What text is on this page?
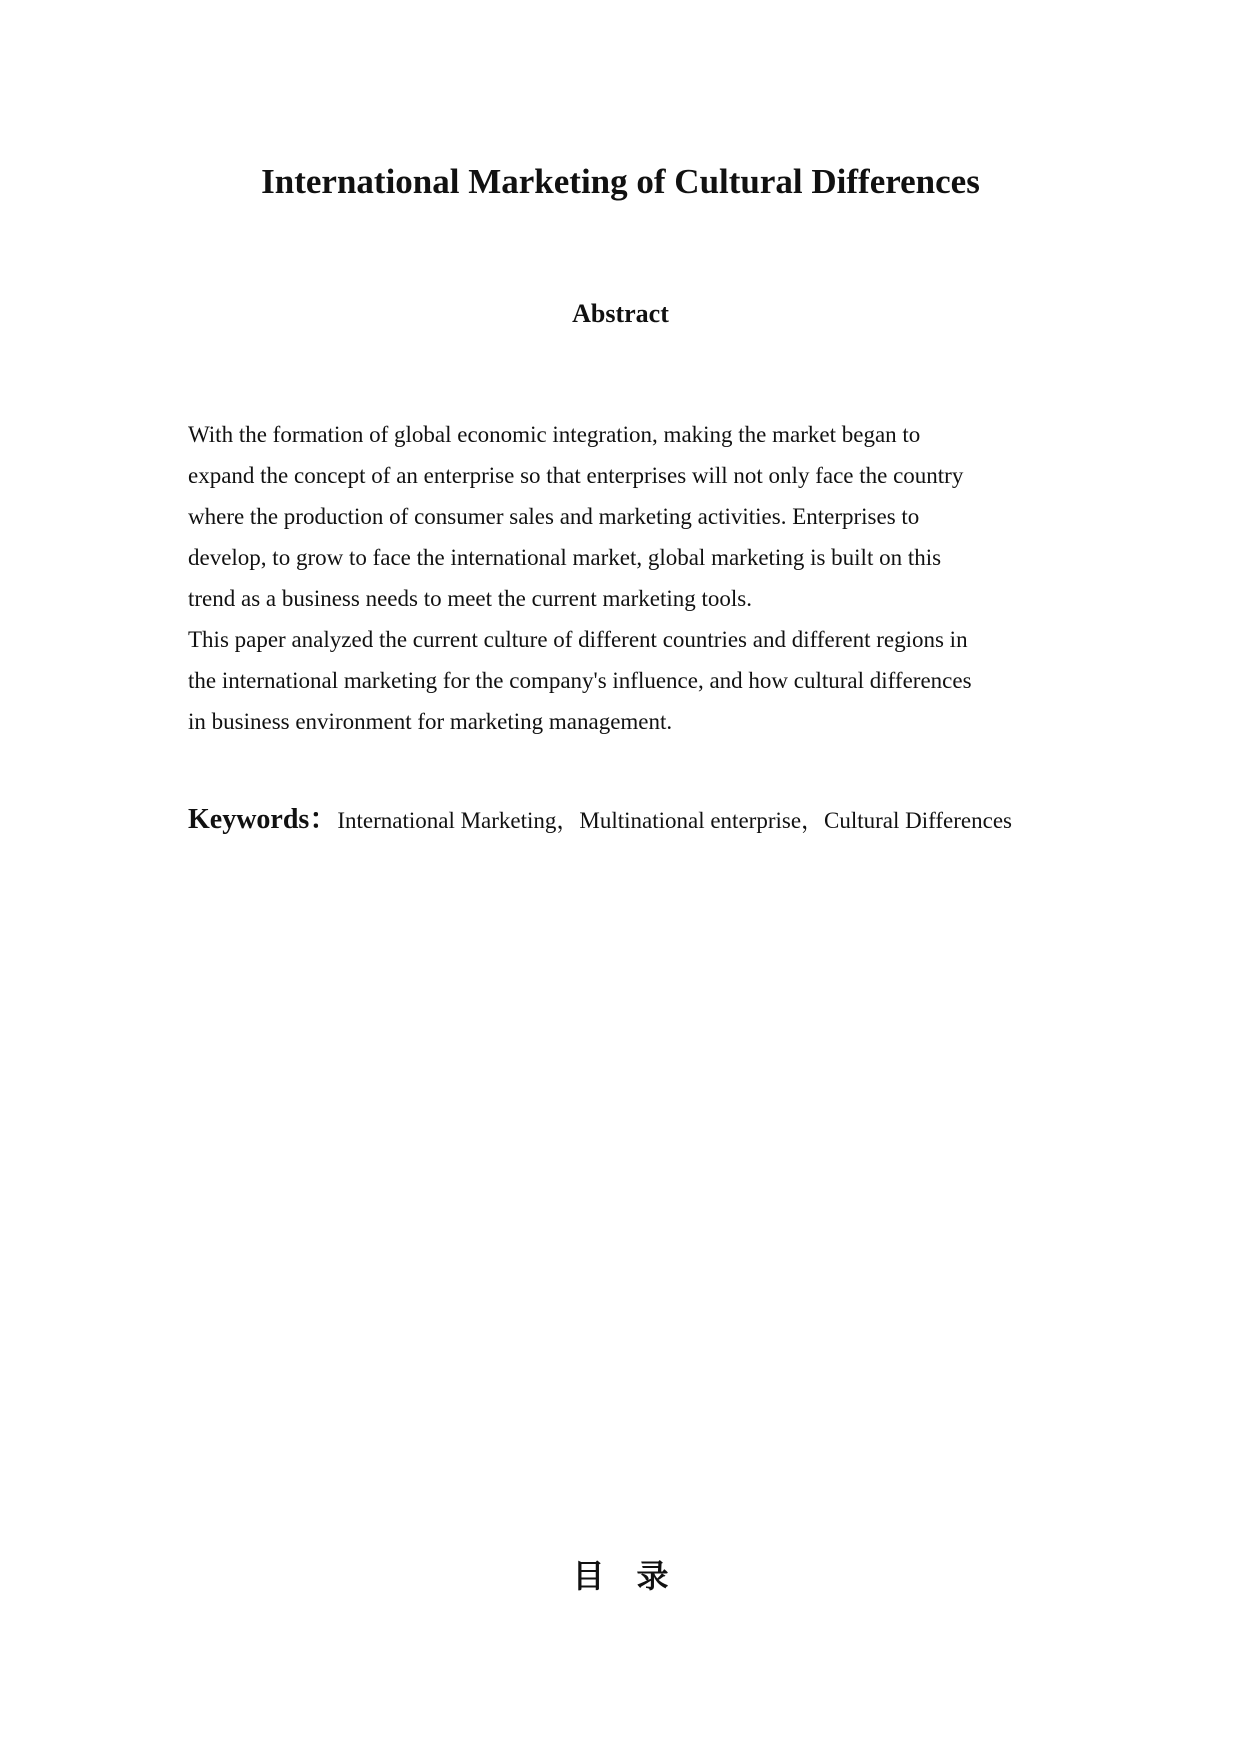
International Marketing of Cultural Differences
Abstract
With the formation of global economic integration, making the market began to
expand the concept of an enterprise so that enterprises will not only face the country
where the production of consumer sales and marketing activities. Enterprises to
develop, to grow to face the international market, global marketing is built on this
trend as a business needs to meet the current marketing tools.
This paper analyzed the current culture of different countries and different regions in
the international marketing for the company's influence, and how cultural differences
in business environment for marketing management.
Keywords：International Marketing，Multinational enterprise，Cultural Differences
目　录
